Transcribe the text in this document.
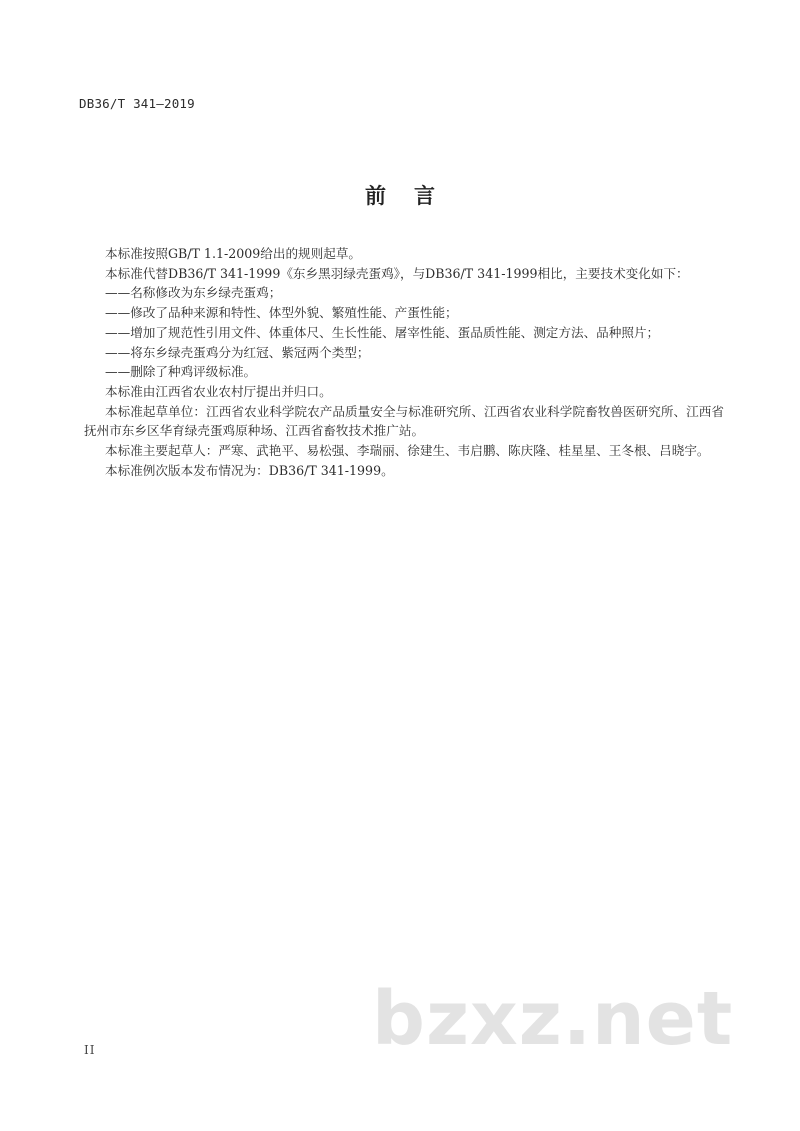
DB36/T 341—2019
前 言

本标准按照GB/T 1.1-2009给出的规则起草。

本标准代替DB36/T 341-1999《东乡黑羽绿壳蛋鸡》，与DB36/T 341-1999相比，主要技术变化如下：

——名称修改为东乡绿壳蛋鸡；

——修改了品种来源和特性、体型外貌、繁殖性能、产蛋性能；

——增加了规范性引用文件、体重体尺、生长性能、屠宰性能、蛋品质性能、测定方法、品种照片；

——将东乡绿壳蛋鸡分为红冠、紫冠两个类型；

——删除了种鸡评级标准。

本标准由江西省农业农村厅提出并归口。

本标准起草单位：江西省农业科学院农产品质量安全与标准研究所、江西省农业科学院畜牧兽医研究所、江西省抚州市东乡区华育绿壳蛋鸡原种场、江西省畜牧技术推广站。

本标准主要起草人：严寒、武艳平、易松强、李瑞丽、徐建生、韦启鹏、陈庆隆、桂星星、王冬根、吕晓宇。

本标准例次版本发布情况为：DB36/T 341-1999。

II	bzxz.net
